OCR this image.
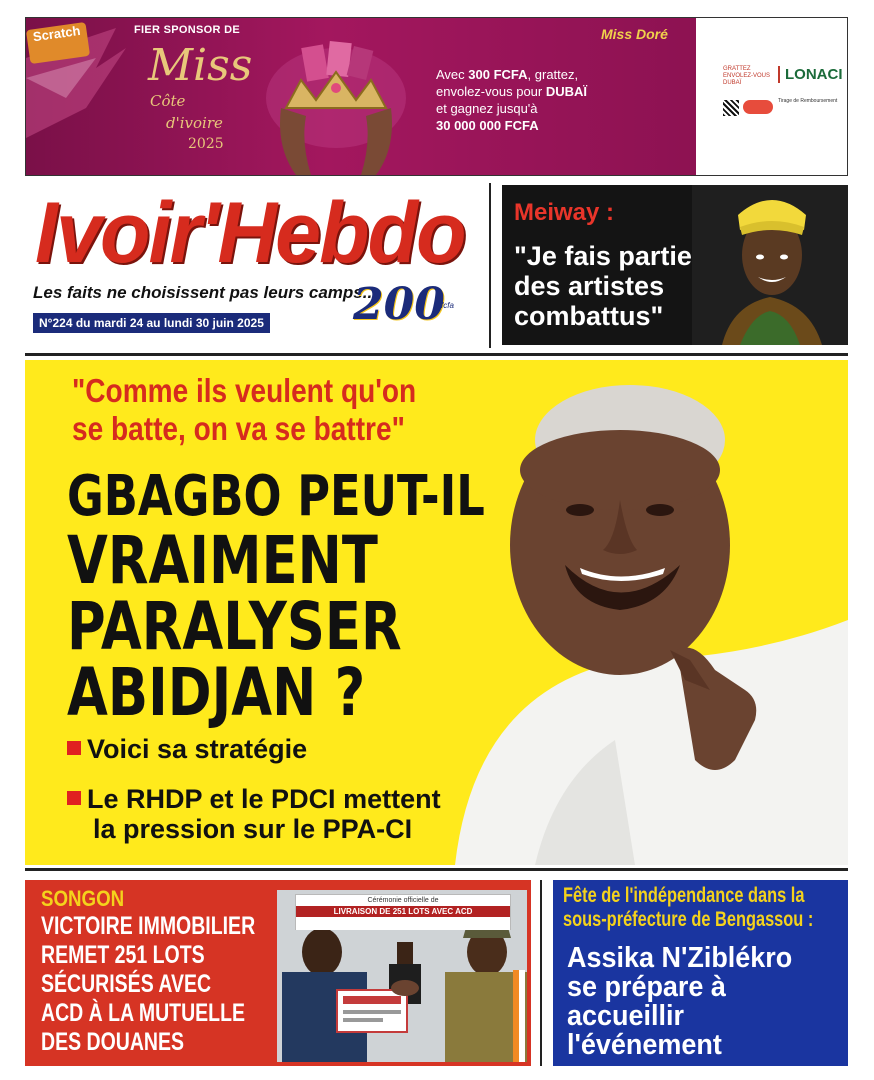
Scratch	FIER SPONSOR DE
Miss
Côte
d'ivoire
2025
Avec 300 FCFA, grattez,
envolez-vous pour DUBAÏ
et gagnez jusqu'à
30 000 000 FCFA
Miss Doré
GRATTEZ ENVOLEZ-VOUS DUBAÏ	LONACI
Tirage de Remboursement
Ivoir'Hebdo
Les faits ne choisissent pas leurs camps...
N°224 du mardi 24 au lundi 30 juin 2025 200
fcfa
Meiway :
"Je fais partie
des artistes
combattus"
"Comme ils veulent qu'on
se batte, on va se battre"
GBAGBO PEUT-IL
VRAIMENT
PARALYSER
ABIDJAN ?
Voici sa stratégie
Le RHDP et le PDCI mettent
la pression sur le PPA-CI
SONGON
VICTOIRE IMMOBILIER
REMET 251 LOTS
SÉCURISÉS AVEC
ACD À LA MUTUELLE
DES DOUANES
Cérémonie officielle de
LIVRAISON DE 251 LOTS AVEC ACD
Fête de l'indépendance dans la
sous-préfecture de Bengassou :
Assika N'Ziblékro
se prépare à
accueillir
l'événement
